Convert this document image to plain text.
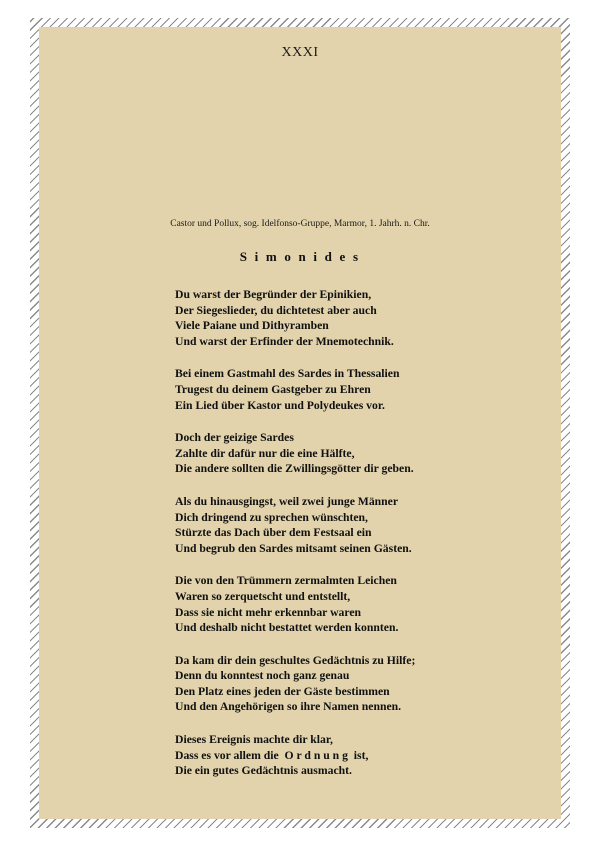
XXXI
Castor und Pollux, sog. Idelfonso-Gruppe, Marmor, 1. Jahrh. n. Chr.
S i m o n i d e s
Du warst der Begründer der Epinikien,
Der Siegeslieder, du dichtetest aber auch
Viele Paiane und Dithyramben
Und warst der Erfinder der Mnemotechnik.
Bei einem Gastmahl des Sardes in Thessalien
Trugest du deinem Gastgeber zu Ehren
Ein Lied über Kastor und Polydeukes vor.
Doch der geizige Sardes
Zahlte dir dafür nur die eine Hälfte,
Die andere sollten die Zwillingsgötter dir geben.
Als du hinausgingst, weil zwei junge Männer
Dich dringend zu sprechen wünschten,
Stürzte das Dach über dem Festsaal ein
Und begrub den Sardes mitsamt seinen Gästen.
Die von den Trümmern zermalmten Leichen
Waren so zerquetscht und entstellt,
Dass sie nicht mehr erkennbar waren
Und deshalb nicht bestattet werden konnten.
Da kam dir dein geschultes Gedächtnis zu Hilfe;
Denn du konntest noch ganz genau
Den Platz eines jeden der Gäste bestimmen
Und den Angehörigen so ihre Namen nennen.
Dieses Ereignis machte dir klar,
Dass es vor allem die  O r d n u n g  ist,
Die ein gutes Gedächtnis ausmacht.
